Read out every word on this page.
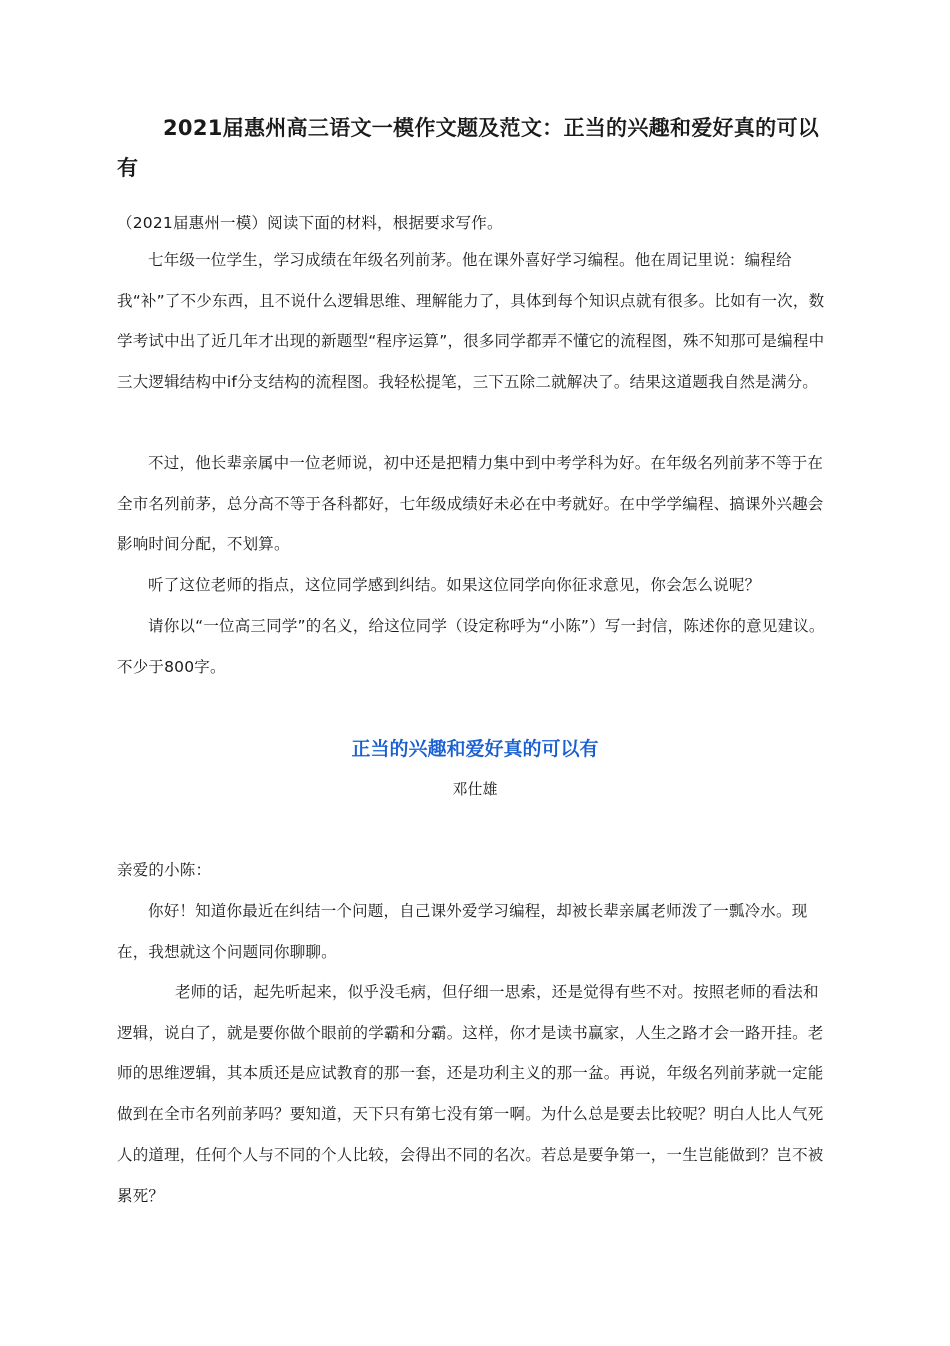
2021届惠州高三语文一模作文题及范文：正当的兴趣和爱好真的可以有

（2021届惠州一模）阅读下面的材料，根据要求写作。

七年级一位学生，学习成绩在年级名列前茅。他在课外喜好学习编程。他在周记里说：编程给我“补”了不少东西，且不说什么逻辑思维、理解能力了，具体到每个知识点就有很多。比如有一次，数学考试中出了近几年才出现的新题型“程序运算”，很多同学都弄不懂它的流程图，殊不知那可是编程中三大逻辑结构中if分支结构的流程图。我轻松提笔，三下五除二就解决了。结果这道题我自然是满分。

不过，他长辈亲属中一位老师说，初中还是把精力集中到中考学科为好。在年级名列前茅不等于在全市名列前茅，总分高不等于各科都好，七年级成绩好未必在中考就好。在中学学编程、搞课外兴趣会影响时间分配，不划算。

听了这位老师的指点，这位同学感到纠结。如果这位同学向你征求意见，你会怎么说呢？

请你以“一位高三同学”的名义，给这位同学（设定称呼为“小陈”）写一封信，陈述你的意见建议。不少于800字。

正当的兴趣和爱好真的可以有

邓仕雄

亲爱的小陈：

你好！知道你最近在纠结一个问题，自己课外爱学习编程，却被长辈亲属老师泼了一瓢冷水。现在，我想就这个问题同你聊聊。

老师的话，起先听起来，似乎没毛病，但仔细一思索，还是觉得有些不对。按照老师的看法和逻辑，说白了，就是要你做个眼前的学霸和分霸。这样，你才是读书赢家，人生之路才会一路开挂。老师的思维逻辑，其本质还是应试教育的那一套，还是功利主义的那一盆。再说，年级名列前茅就一定能做到在全市名列前茅吗？要知道，天下只有第七没有第一啊。为什么总是要去比较呢？明白人比人气死人的道理，任何个人与不同的个人比较，会得出不同的名次。若总是要争第一，一生岂能做到？岂不被累死？
